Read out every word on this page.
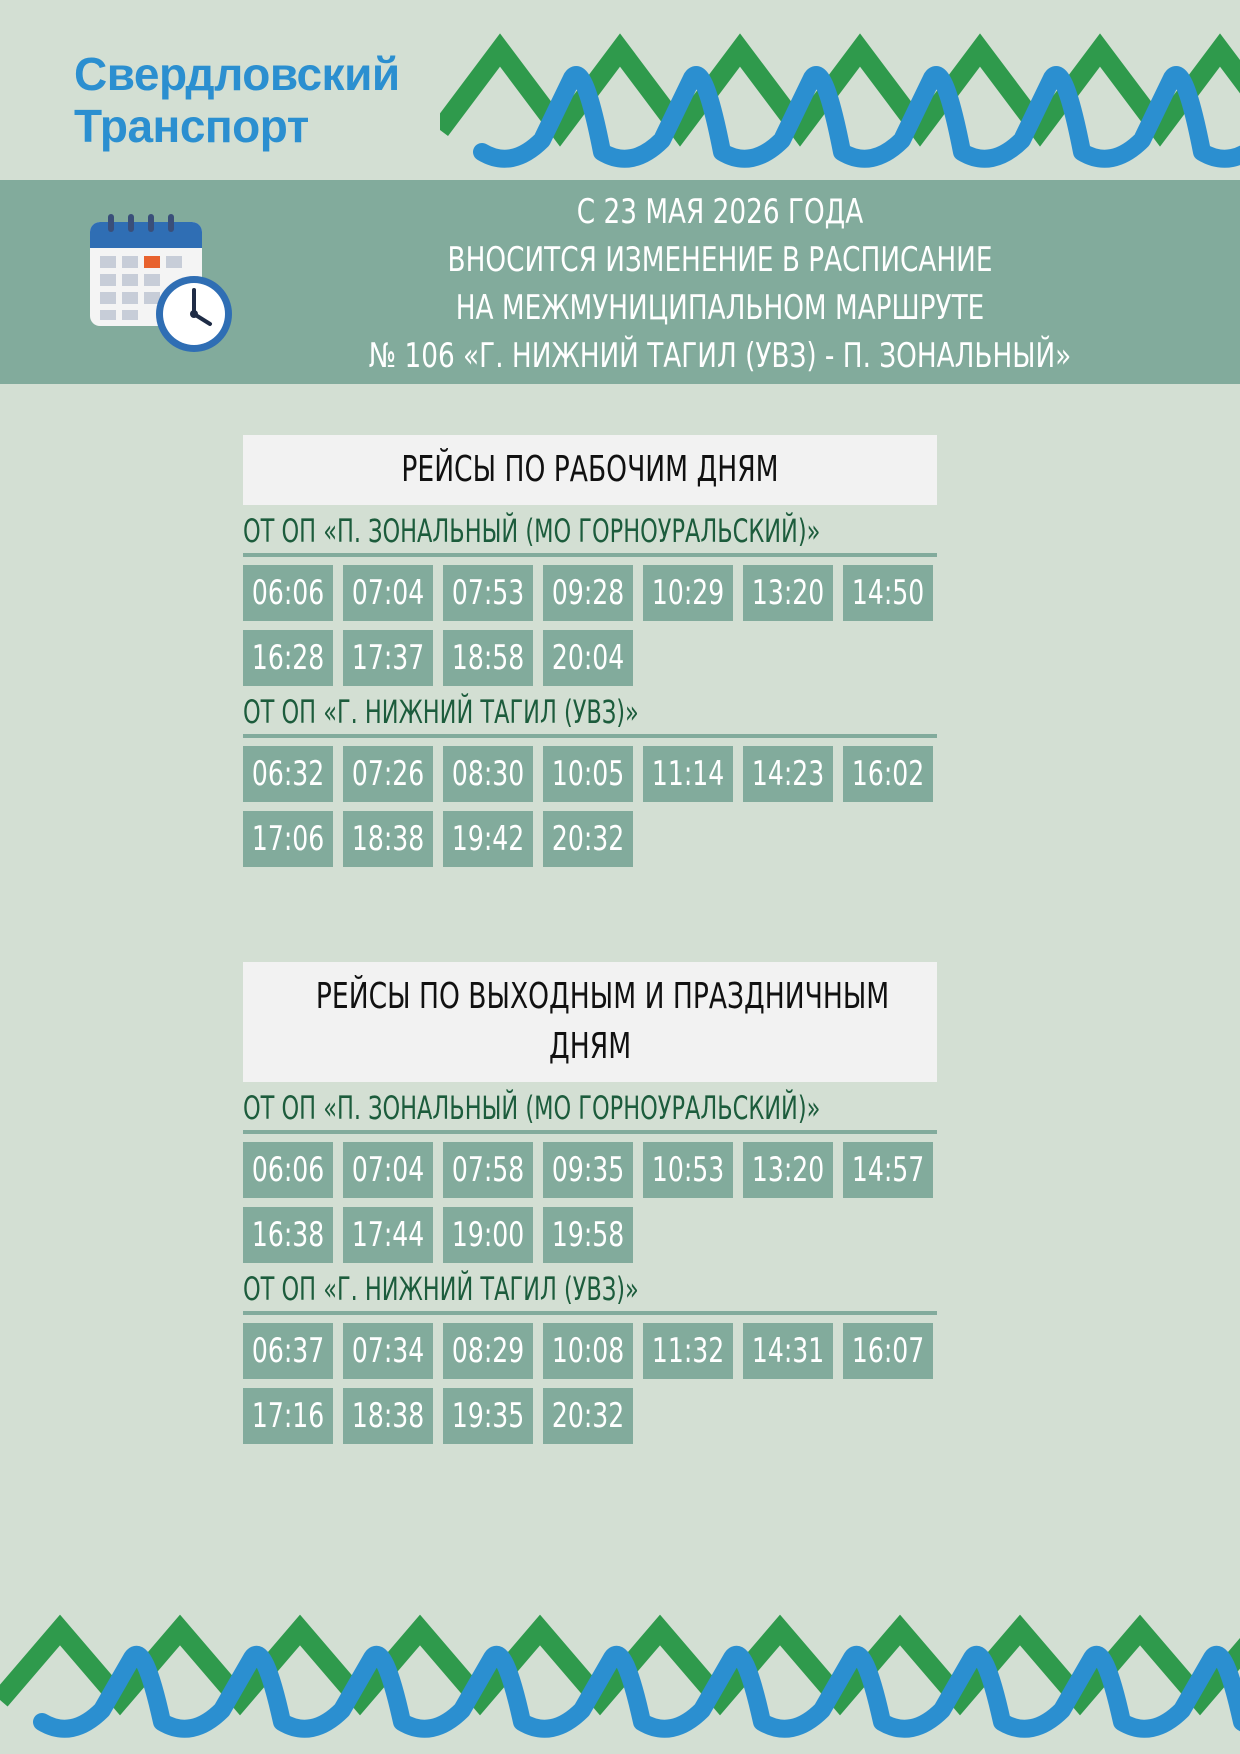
Свердловский
Транспорт
С 23 МАЯ 2026 ГОДА
ВНОСИТСЯ ИЗМЕНЕНИЕ В РАСПИСАНИЕ
НА МЕЖМУНИЦИПАЛЬНОМ МАРШРУТЕ
№ 106 «Г. НИЖНИЙ ТАГИЛ (УВЗ) - П. ЗОНАЛЬНЫЙ»
РЕЙСЫ ПО РАБОЧИМ ДНЯМ
ОТ ОП «П. ЗОНАЛЬНЫЙ (МО ГОРНОУРАЛЬСКИЙ)»
06:06 07:04 07:53 09:28 10:29 13:20 14:50
16:28 17:37 18:58 20:04
ОТ ОП «Г. НИЖНИЙ ТАГИЛ (УВЗ)»
06:32 07:26 08:30 10:05 11:14 14:23 16:02
17:06 18:38 19:42 20:32
РЕЙСЫ ПО ВЫХОДНЫМ И ПРАЗДНИЧНЫМ
ДНЯМ
ОТ ОП «П. ЗОНАЛЬНЫЙ (МО ГОРНОУРАЛЬСКИЙ)»
06:06 07:04 07:58 09:35 10:53 13:20 14:57
16:38 17:44 19:00 19:58
ОТ ОП «Г. НИЖНИЙ ТАГИЛ (УВЗ)»
06:37 07:34 08:29 10:08 11:32 14:31 16:07
17:16 18:38 19:35 20:32
